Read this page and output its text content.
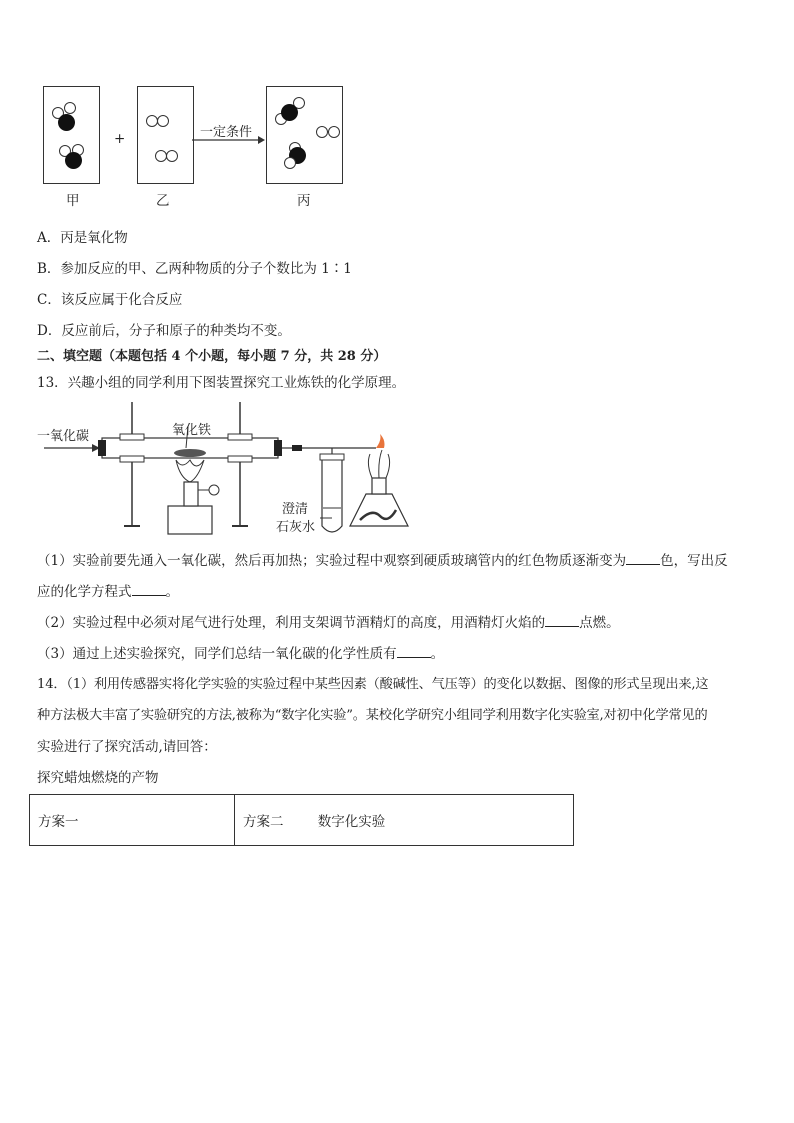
+	一定条件
甲	乙	丙
A．丙是氧化物
B．参加反应的甲、乙两种物质的分子个数比为 1∶1
C．该反应属于化合反应
D．反应前后，分子和原子的种类均不变。
二、填空题（本题包括 4 个小题，每小题 7 分，共 28 分）
13．兴趣小组的同学利用下图装置探究工业炼铁的化学原理。
一氧化碳	氧化铁
澄清
石灰水
（1）实验前要先通入一氧化碳，然后再加热；实验过程中观察到硬质玻璃管内的红色物质逐渐变为	色，写出反
应的化学方程式	。
（2）实验过程中必须对尾气进行处理，利用支架调节酒精灯的高度，用酒精灯火焰的	点燃。
（3）通过上述实验探究，同学们总结一氧化碳的化学性质有	。
14．（1）利用传感器实将化学实验的实验过程中某些因素（酸碱性、气压等）的变化以数据、图像的形式呈现出来,这
种方法极大丰富了实验研究的方法,被称为“数字化实验”。某校化学研究小组同学利用数字化实验室,对初中化学常见的
实验进行了探究活动,请回答：
探究蜡烛燃烧的产物
方案一	方案二	数字化实验
